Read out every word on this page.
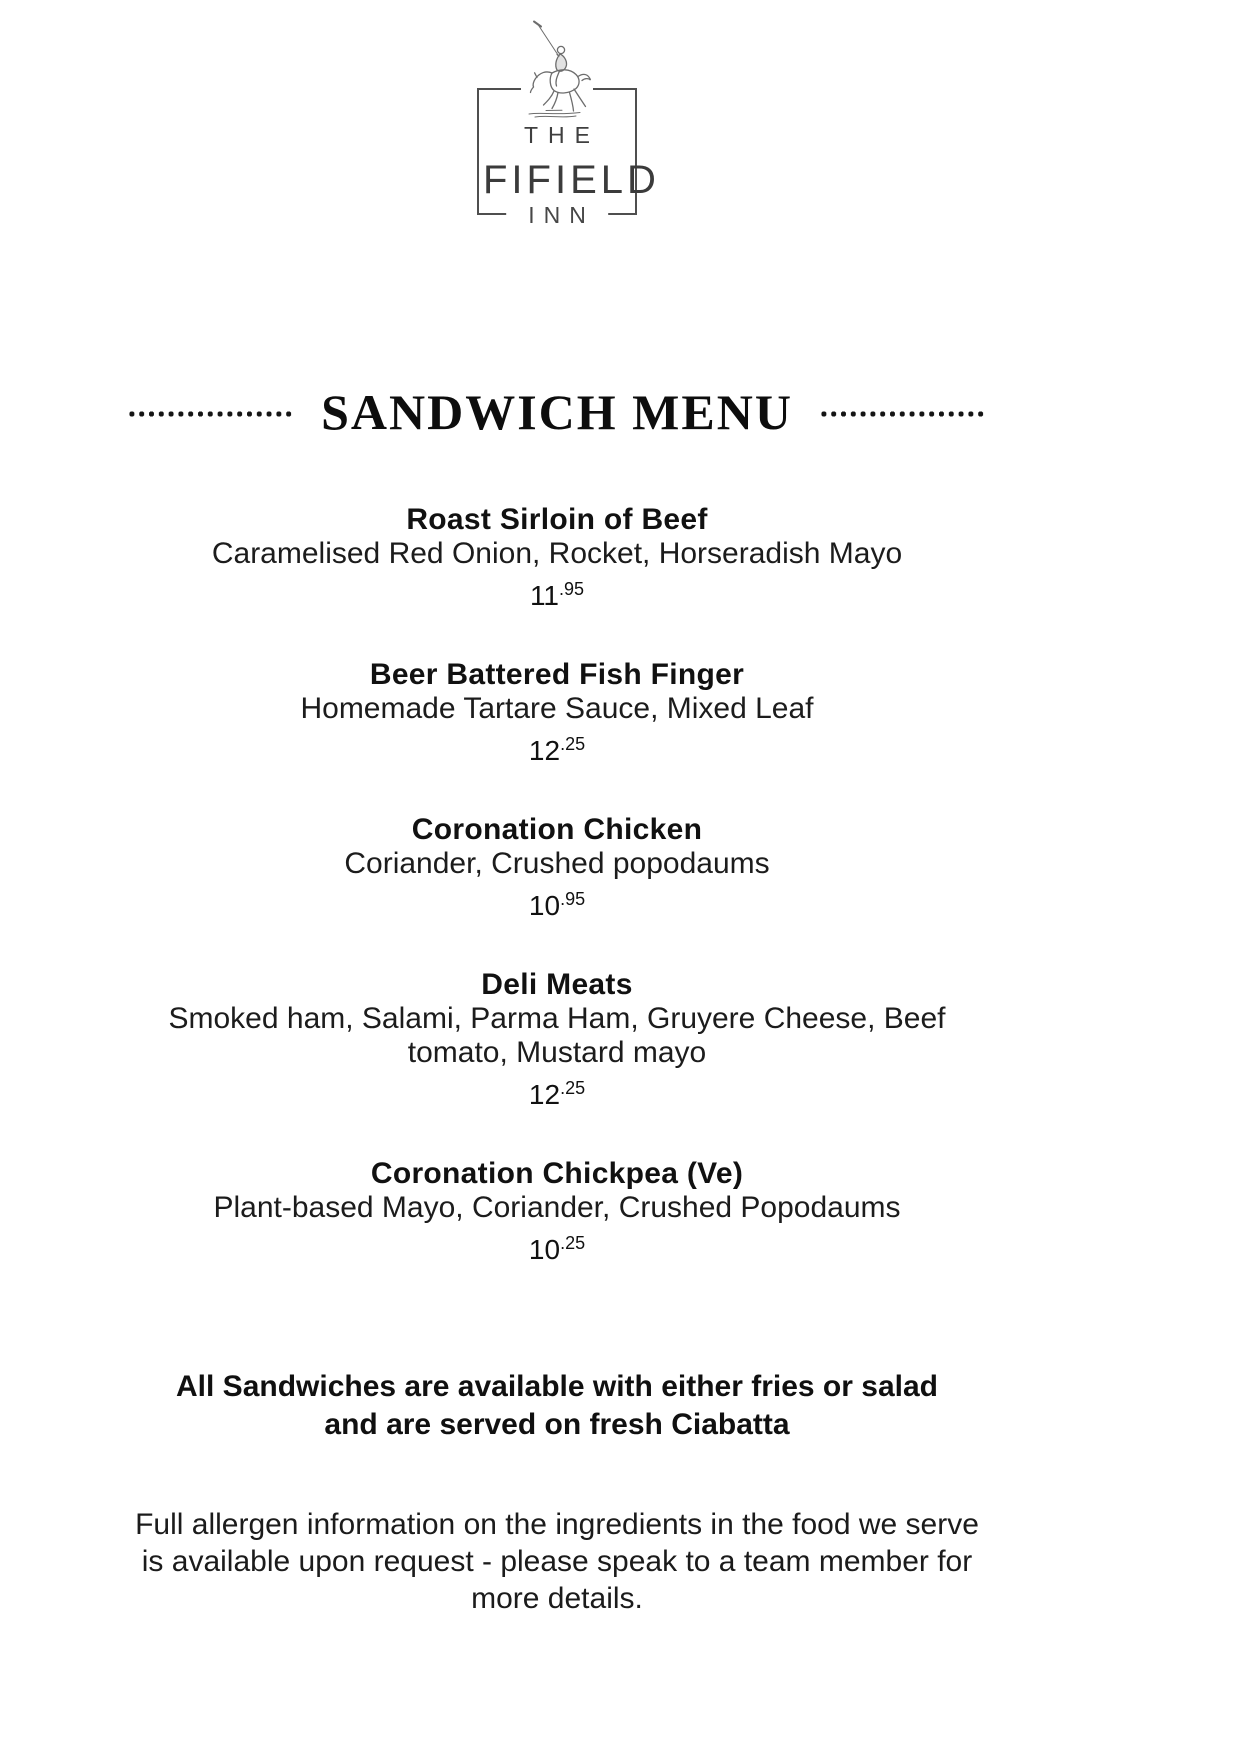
THE
FIFIELD
INN
SANDWICH MENU
Roast Sirloin of Beef
Caramelised Red Onion, Rocket, Horseradish Mayo
11.95
Beer Battered Fish Finger
Homemade Tartare Sauce, Mixed Leaf
12.25
Coronation Chicken
Coriander, Crushed popodaums
10.95
Deli Meats
Smoked ham, Salami, Parma Ham, Gruyere Cheese, Beef tomato, Mustard mayo
12.25
Coronation Chickpea (Ve)
Plant-based Mayo, Coriander, Crushed Popodaums
10.25
All Sandwiches are available with either fries or salad
and are served on fresh Ciabatta
Full allergen information on the ingredients in the food we serve is available upon request - please speak to a team member for more details.
